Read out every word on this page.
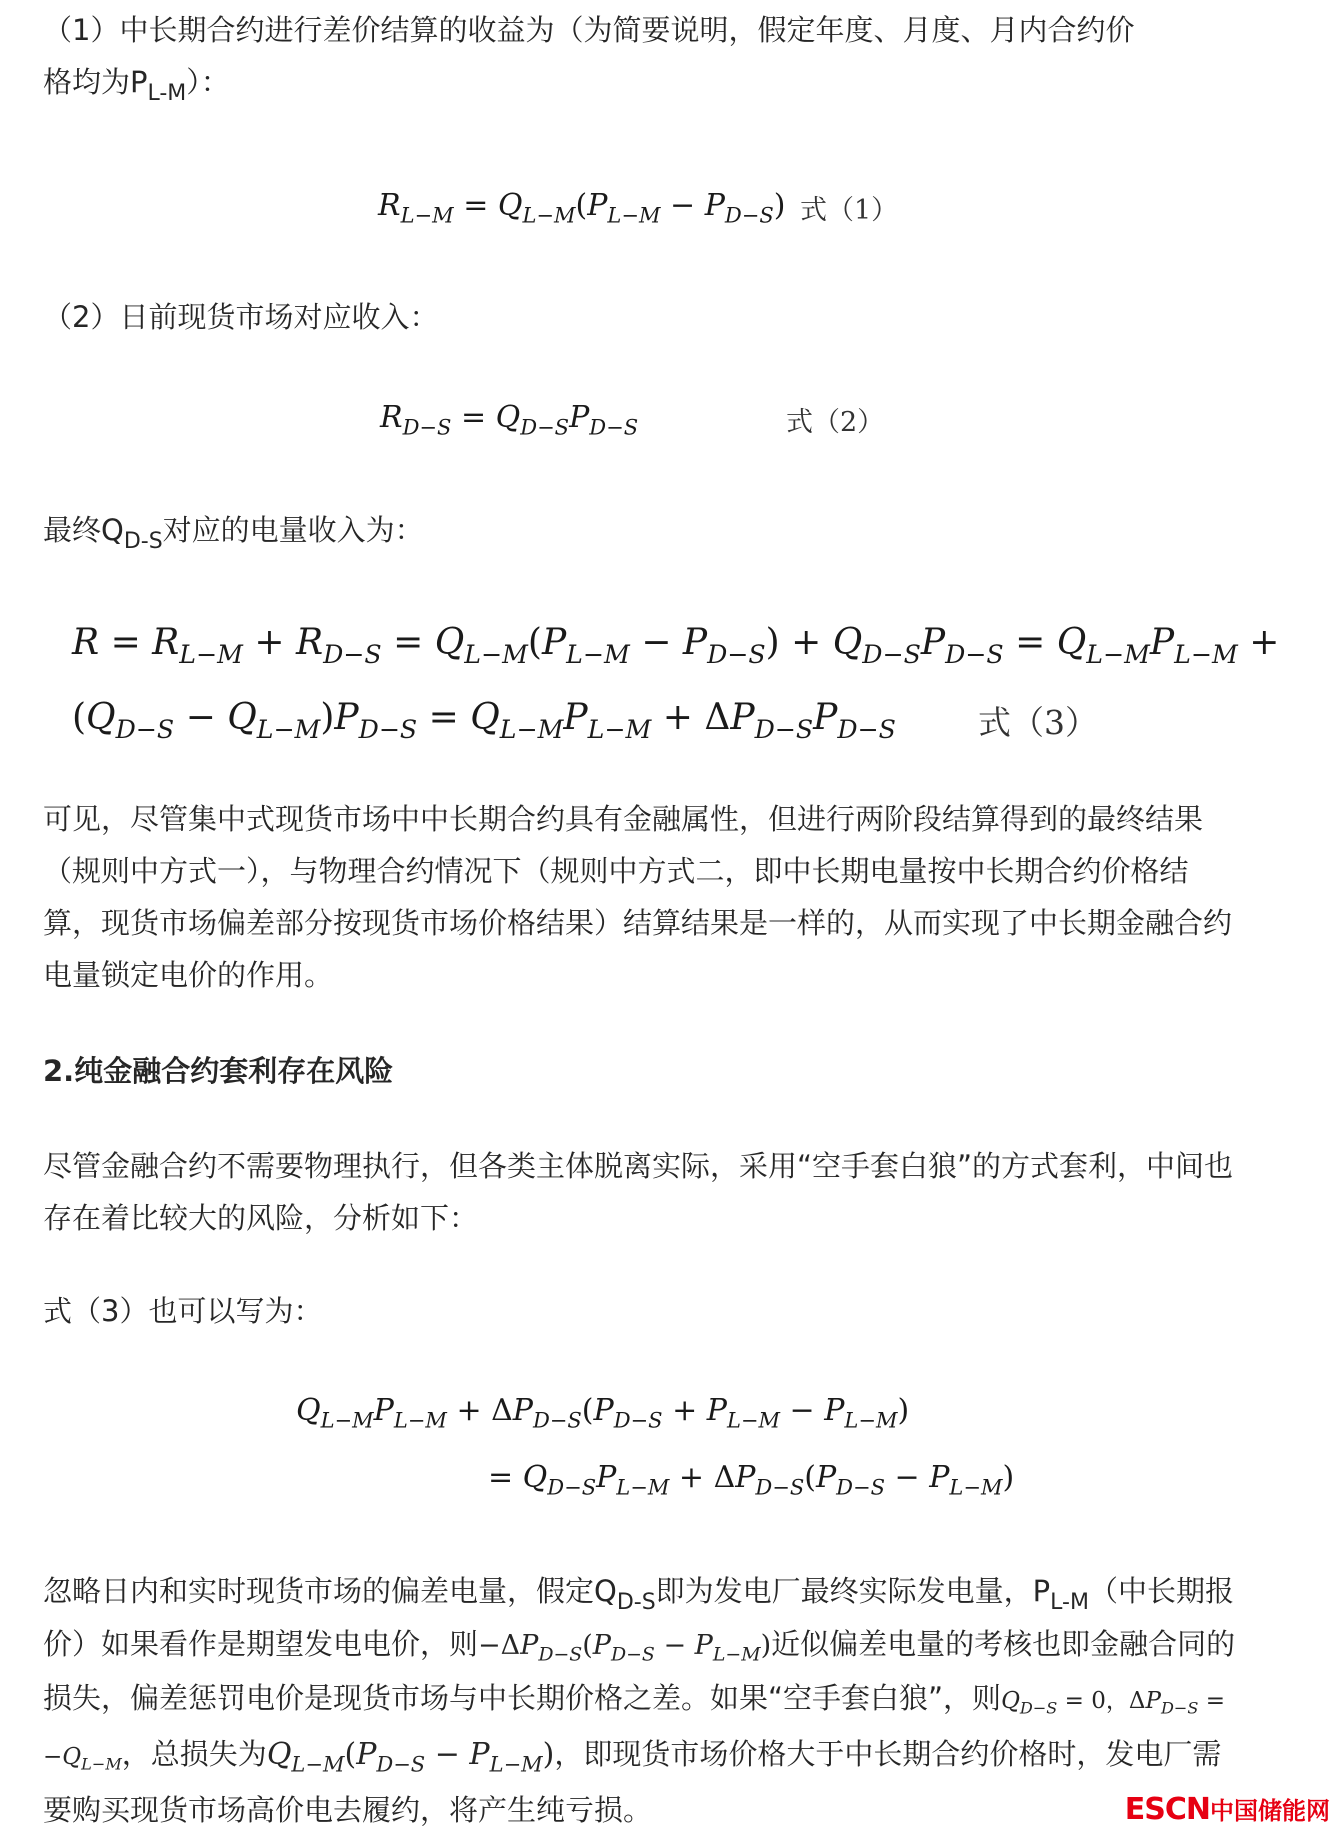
（1）中长期合约进行差价结算的收益为（为简要说明，假定年度、月度、月内合约价
格均为$P_{L-M}$）：

$R_{L-M} = Q_{L-M}(P_{L-M} - P_{D-S})$ 式（1）

（2）日前现货市场对应收入：

$R_{D-S} = Q_{D-S}P_{D-S}$	式（2）

最终$Q_{D-S}$对应的电量收入为：

$R = R_{L-M} + R_{D-S} = Q_{L-M}(P_{L-M} - P_{D-S}) + Q_{D-S}P_{D-S} = Q_{L-M}P_{L-M}$ +
$(Q_{D-S} - Q_{L-M})P_{D-S} = Q_{L-M}P_{L-M} + \Delta P_{D-S}P_{D-S}$ 式（3）

可见，尽管集中式现货市场中中长期合约具有金融属性，但进行两阶段结算得到的最终结果（规则中方式一），与物理合约情况下（规则中方式二，即中长期电量按中长期合约价格结算，现货市场偏差部分按现货市场价格结果）结算结果是一样的，从而实现了中长期金融合约电量锁定电价的作用。

2.纯金融合约套利存在风险

尽管金融合约不需要物理执行，但各类主体脱离实际，采用“空手套白狼”的方式套利，中间也存在着比较大的风险，分析如下：

式（3）也可以写为：

$Q_{L-M}P_{L-M} + \Delta P_{D-S}(P_{D-S} + P_{L-M} - P_{L-M})$
= $Q_{D-S}P_{L-M} + \Delta P_{D-S}(P_{D-S} - P_{L-M})$

忽略日内和实时现货市场的偏差电量，假定$Q_{D-S}$即为发电厂最终实际发电量，$P_{L-M}$（中长期报价）如果看作是期望发电电价，则$-\Delta P_{D-S}(P_{D-S} - P_{L-M})$近似偏差电量的考核也即金融合同的损失，偏差惩罚电价是现货市场与中长期价格之差。如果“空手套白狼”，则$Q_{D-S} = 0$，$\Delta P_{D-S} = -Q_{L-M}$，总损失为$Q_{L-M}(P_{D-S} - P_{L-M})$，即现货市场价格大于中长期合约价格时，发电厂需要购买现货市场高价电去履约，将产生纯亏损。	ESCN中国储能网
